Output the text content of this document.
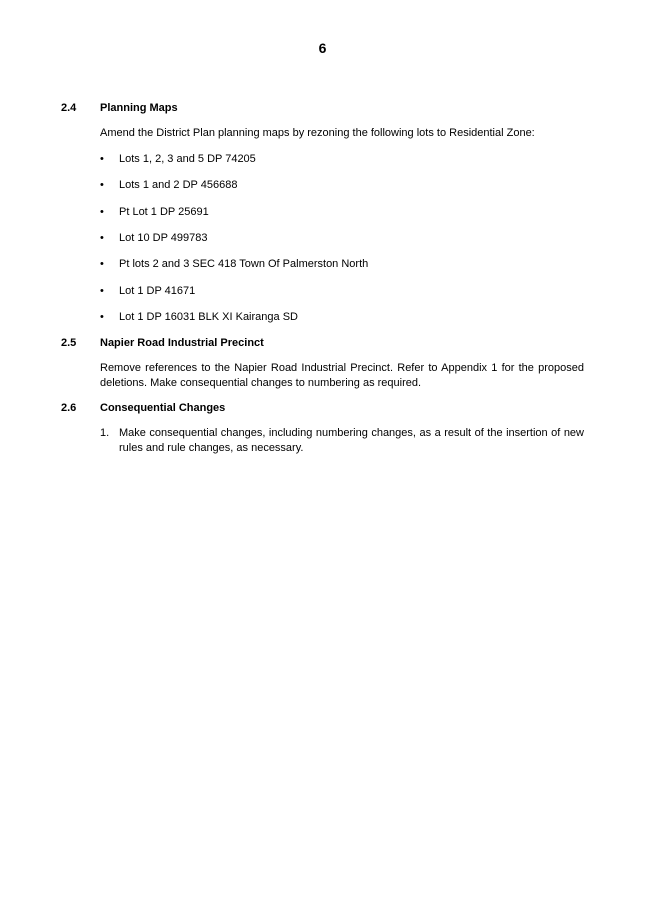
6
2.4 Planning Maps
Amend the District Plan planning maps by rezoning the following lots to Residential Zone:
• Lots 1, 2, 3 and 5 DP 74205
• Lots 1 and 2 DP 456688
• Pt Lot 1 DP 25691
• Lot 10 DP 499783
• Pt lots 2 and 3 SEC 418 Town Of Palmerston North
• Lot 1 DP 41671
• Lot 1 DP 16031 BLK XI Kairanga SD
2.5 Napier Road Industrial Precinct
Remove references to the Napier Road Industrial Precinct. Refer to Appendix 1 for the proposed deletions. Make consequential changes to numbering as required.
2.6 Consequential Changes
1. Make consequential changes, including numbering changes, as a result of the insertion of new rules and rule changes, as necessary.
